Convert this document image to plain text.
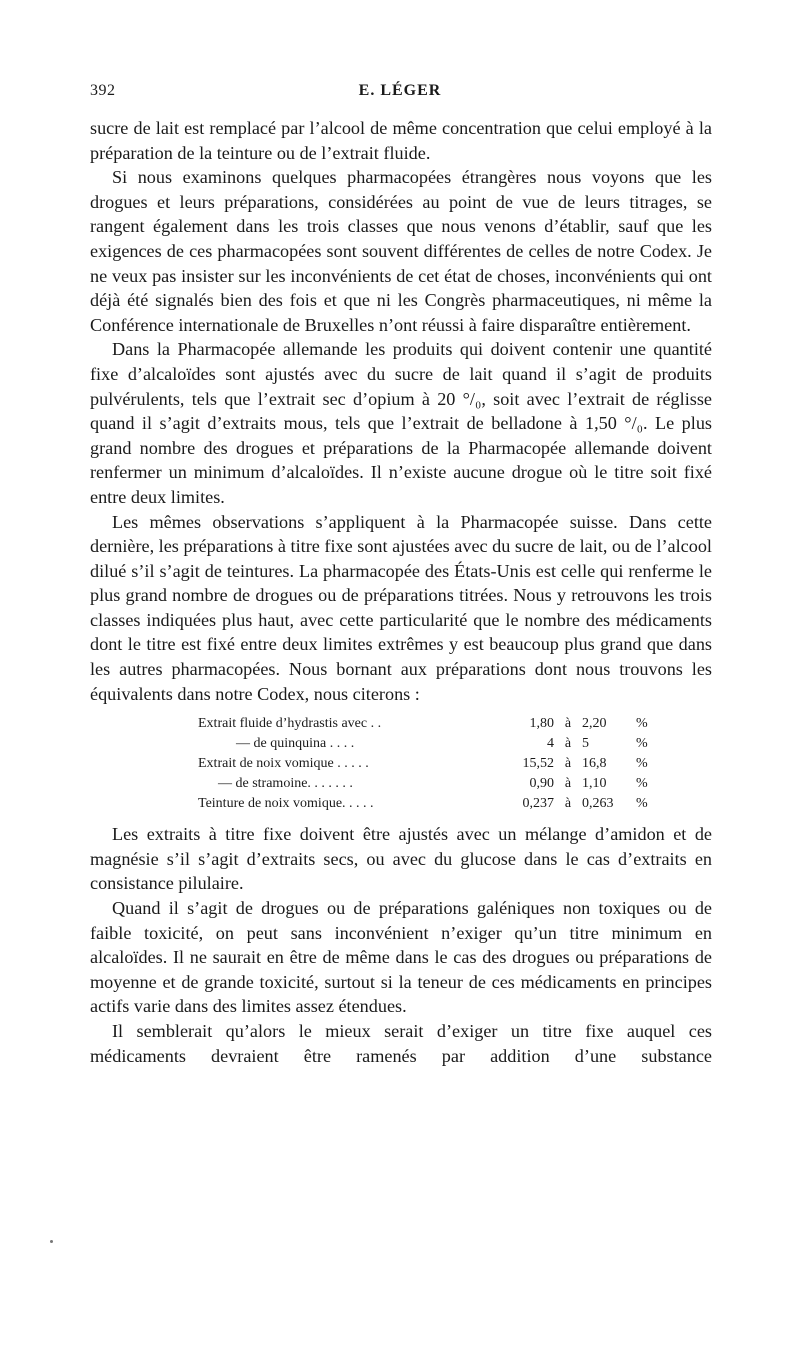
392	E. LÉGER

sucre de lait est remplacé par l’alcool de même concentration que celui employé à la préparation de la teinture ou de l’extrait fluide.

Si nous examinons quelques pharmacopées étrangères nous voyons que les drogues et leurs préparations, considérées au point de vue de leurs titrages, se rangent également dans les trois classes que nous venons d’établir, sauf que les exigences de ces pharmacopées sont souvent différentes de celles de notre Codex. Je ne veux pas insister sur les inconvénients de cet état de choses, inconvénients qui ont déjà été signalés bien des fois et que ni les Congrès pharmaceutiques, ni même la Conférence internationale de Bruxelles n’ont réussi à faire disparaître entièrement.

Dans la Pharmacopée allemande les produits qui doivent contenir une quantité fixe d’alcaloïdes sont ajustés avec du sucre de lait quand il s’agit de produits pulvérulents, tels que l’extrait sec d’opium à 20 °/₀, soit avec l’extrait de réglisse quand il s’agit d’extraits mous, tels que l’extrait de belladone à 1,50 °/₀. Le plus grand nombre des drogues et préparations de la Pharmacopée allemande doivent renfermer un minimum d’alcaloïdes. Il n’existe aucune drogue où le titre soit fixé entre deux limites.

Les mêmes observations s’appliquent à la Pharmacopée suisse. Dans cette dernière, les préparations à titre fixe sont ajustées avec du sucre de lait, ou de l’alcool dilué s’il s’agit de teintures. La pharmacopée des États-Unis est celle qui renferme le plus grand nombre de drogues ou de préparations titrées. Nous y retrouvons les trois classes indiquées plus haut, avec cette particularité que le nombre des médicaments dont le titre est fixé entre deux limites extrêmes y est beaucoup plus grand que dans les autres pharmacopées. Nous bornant aux préparations dont nous trouvons les équivalents dans notre Codex, nous citerons :

Extrait fluide d’hydrastis avec . .	1,80	à	2,20	%
— de quinquina . . . .	4	à	5	%
Extrait de noix vomique . . . . .	15,52	à	16,8	%
— de stramoine. . . . . . .	0,90	à	1,10	%
Teinture de noix vomique. . . . .	0,237	à	0,263	%

Les extraits à titre fixe doivent être ajustés avec un mélange d’amidon et de magnésie s’il s’agit d’extraits secs, ou avec du glucose dans le cas d’extraits en consistance pilulaire.

Quand il s’agit de drogues ou de préparations galéniques non toxiques ou de faible toxicité, on peut sans inconvénient n’exiger qu’un titre minimum en alcaloïdes. Il ne saurait en être de même dans le cas des drogues ou préparations de moyenne et de grande toxicité, surtout si la teneur de ces médicaments en principes actifs varie dans des limites assez étendues.

Il semblerait qu’alors le mieux serait d’exiger un titre fixe auquel ces médicaments devraient être ramenés par addition d’une substance
